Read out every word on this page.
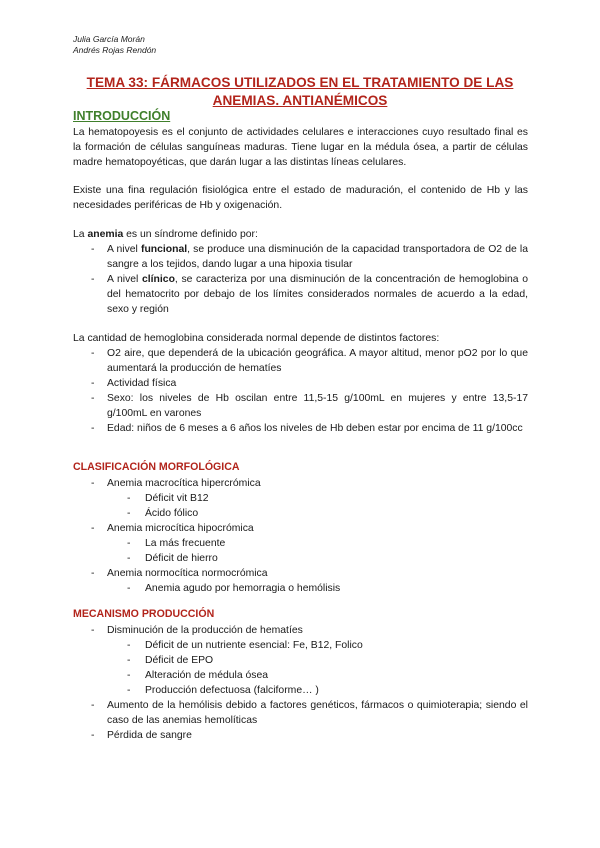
Julia García Morán
Andrés Rojas Rendón
TEMA 33: FÁRMACOS UTILIZADOS EN EL TRATAMIENTO DE LAS ANEMIAS. ANTIANÉMICOS
INTRODUCCIÓN
La hematopoyesis es el conjunto de actividades celulares e interacciones cuyo resultado final es la formación de células sanguíneas maduras. Tiene lugar en la médula ósea, a partir de células madre hematopoyéticas, que darán lugar a las distintas líneas celulares.
Existe una fina regulación fisiológica entre el estado de maduración, el contenido de Hb y las necesidades periféricas de Hb y oxigenación.
La anemia es un síndrome definido por:
- A nivel funcional, se produce una disminución de la capacidad transportadora de O2 de la sangre a los tejidos, dando lugar a una hipoxia tisular
- A nivel clínico, se caracteriza por una disminución de la concentración de hemoglobina o del hematocrito por debajo de los límites considerados normales de acuerdo a la edad, sexo y región
La cantidad de hemoglobina considerada normal depende de distintos factores:
- O2 aire, que dependerá de la ubicación geográfica. A mayor altitud, menor pO2 por lo que aumentará la producción de hematíes
- Actividad física
- Sexo: los niveles de Hb oscilan entre 11,5-15 g/100mL en mujeres y entre 13,5-17 g/100mL en varones
- Edad: niños de 6 meses a 6 años los niveles de Hb deben estar por encima de 11 g/100cc
CLASIFICACIÓN MORFOLÓGICA
- Anemia macrocítica hipercrómica
- Déficit vit B12
- Ácido fólico
- Anemia microcítica hipocrómica
- La más frecuente
- Déficit de hierro
- Anemia normocítica normocrómica
- Anemia agudo por hemorragia o hemólisis
MECANISMO PRODUCCIÓN
- Disminución de la producción de hematíes
- Déficit de un nutriente esencial: Fe, B12, Folico
- Déficit de EPO
- Alteración de médula ósea
- Producción defectuosa (falciforme… )
- Aumento de la hemólisis debido a factores genéticos, fármacos o quimioterapia; siendo el caso de las anemias hemolíticas
- Pérdida de sangre
